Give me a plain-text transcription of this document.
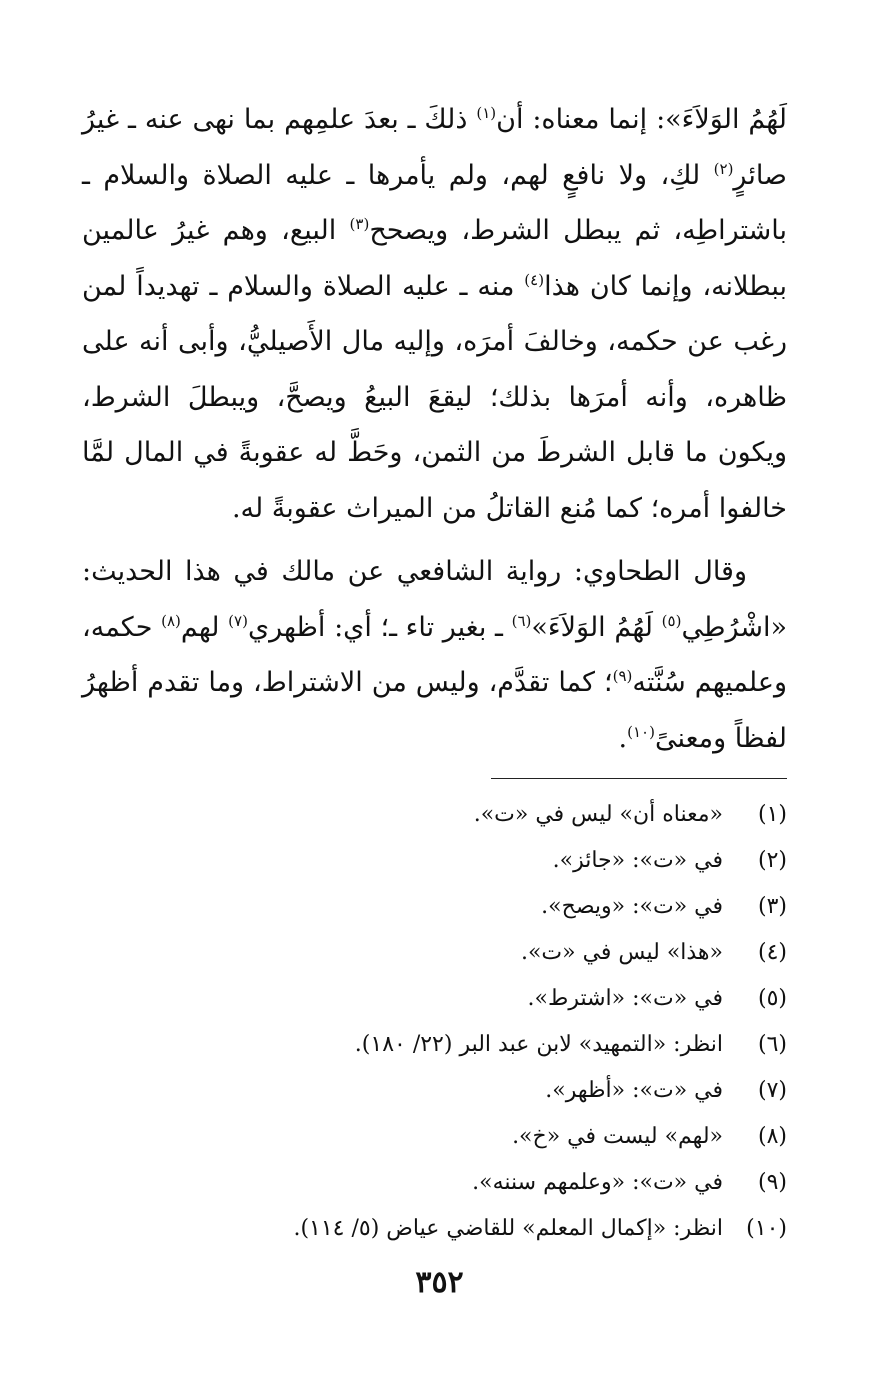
لَهُمُ الوَلاَءَ»: إنما معناه: أن$^{(١)}$ ذلكَ ـ بعدَ علمِهم بما نهى عنه ـ غيرُ صائرٍ$^{(٢)}$ لكِ، ولا نافعٍ لهم، ولم يأمرها ـ عليه الصلاة والسلام ـ باشتراطِه، ثم يبطل الشرط، ويصحح$^{(٣)}$ البيع، وهم غيرُ عالمين ببطلانه، وإنما كان هذا$^{(٤)}$ منه ـ عليه الصلاة والسلام ـ تهديداً لمن رغب عن حكمه، وخالفَ أمرَه، وإليه مال الأَصيليُّ، وأبى أنه على ظاهره، وأنه أمرَها بذلك؛ ليقعَ البيعُ ويصحَّ، ويبطلَ الشرط، ويكون ما قابل الشرطَ من الثمن، وحَطَّ له عقوبةً في المال لمَّا خالفوا أمره؛ كما مُنع القاتلُ من الميراث عقوبةً له.

وقال الطحاوي: رواية الشافعي عن مالك في هذا الحديث: «اشْرُطِي$^{(٥)}$ لَهُمُ الوَلاَءَ»$^{(٦)}$ ـ بغير تاء ـ؛ أي: أظهري$^{(٧)}$ لهم$^{(٨)}$ حكمه، وعلميهم سُنَّته$^{(٩)}$؛ كما تقدَّم، وليس من الاشتراط، وما تقدم أظهرُ لفظاً ومعنىً$^{(١٠)}$.

(١)
«معناه أن» ليس في «ت».
(٢)
في «ت»: «جائز».
(٣)
في «ت»: «ويصح».
(٤)
«هذا» ليس في «ت».
(٥)
في «ت»: «اشترط».
(٦)
انظر: «التمهيد» لابن عبد البر (٢٢/ ١٨٠).
(٧)
في «ت»: «أظهر».
(٨)
«لهم» ليست في «خ».
(٩)
في «ت»: «وعلمهم سننه».
(١٠)
انظر: «إكمال المعلم» للقاضي عياض (٥/ ١١٤).
٣٥٢
